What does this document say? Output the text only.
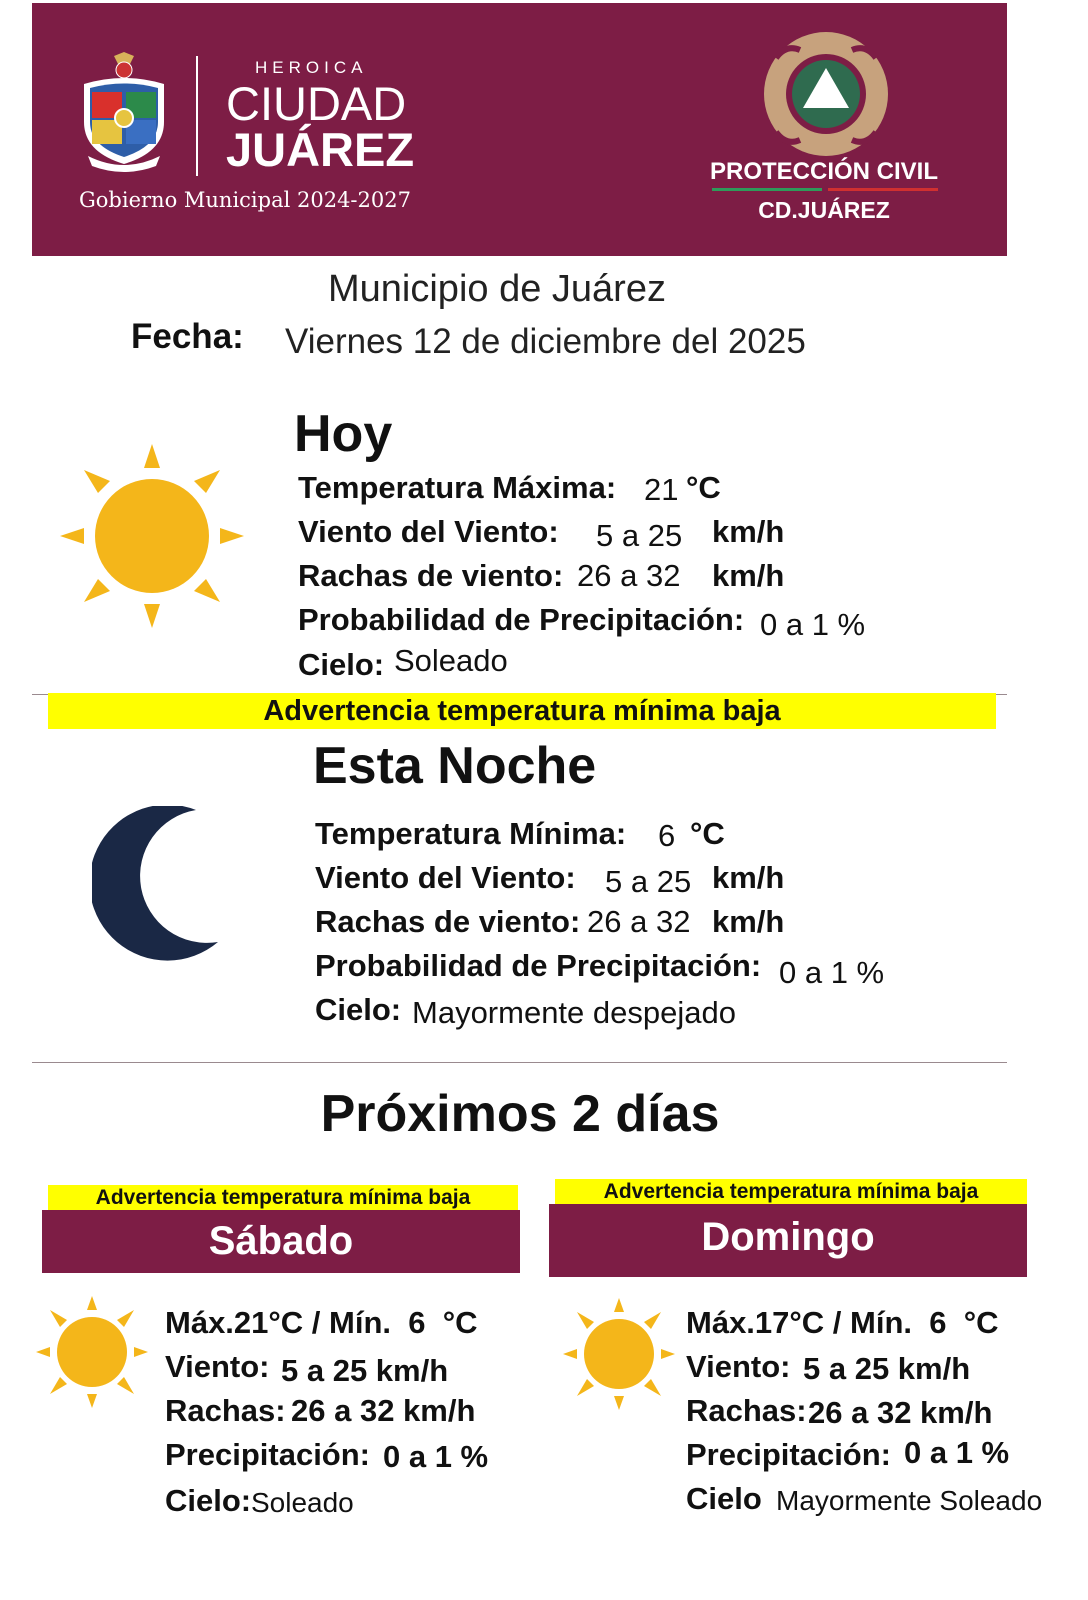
HEROICA
CIUDAD
JUÁREZ
Gobierno Municipal 2024-2027
PROTECCIÓN CIVIL
CD.JUÁREZ
Municipio de Juárez
Fecha: Viernes 12 de diciembre del 2025
Hoy
Temperatura Máxima: 21 °C
Viento del Viento: 5 a 25 km/h
Rachas de viento: 26 a 32 km/h
Probabilidad de Precipitación: 0 a 1 %
Cielo: Soleado
Advertencia temperatura mínima baja
Esta Noche
Temperatura Mínima: 6 °C
Viento del Viento: 5 a 25 km/h
Rachas de viento: 26 a 32 km/h
Probabilidad de Precipitación: 0 a 1 %
Cielo: Mayormente despejado
Próximos 2 días
Advertencia temperatura mínima baja
Sábado
Máx.21°C / Mín.  6  °C
Viento: 5 a 25 km/h
Rachas: 26 a 32 km/h
Precipitación: 0 a 1 %
Cielo: Soleado
Advertencia temperatura mínima baja
Domingo
Máx.17°C / Mín.  6  °C
Viento: 5 a 25 km/h
Rachas: 26 a 32 km/h
Precipitación: 0 a 1 %
Cielo Mayormente Soleado
